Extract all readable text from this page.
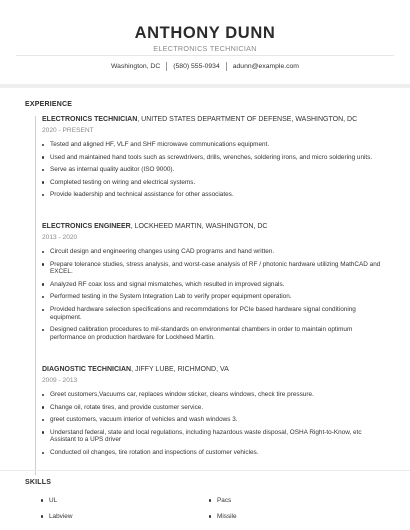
ANTHONY DUNN
ELECTRONICS TECHNICIAN
Washington, DC (580) 555-0934 adunn@example.com
EXPERIENCE
ELECTRONICS TECHNICIAN, UNITED STATES DEPARTMENT OF DEFENSE, WASHINGTON, DC
2020 - PRESENT
Tested and aligned HF, VLF and SHF microwave communications equipment.
Used and maintained hand tools such as screwdrivers, drills, wrenches, soldering irons, and micro soldering units.
Serve as internal quality auditor (ISO 9000).
Completed testing on wiring and electrical systems.
Provide leadership and technical assistance for other associates.
ELECTRONICS ENGINEER, LOCKHEED MARTIN, WASHINGTON, DC
2013 - 2020
Circuit design and engineering changes using CAD programs and hand written.
Prepare tolerance studies, stress analysis, and worst-case analysis of RF / photonic hardware utilizing MathCAD and EXCEL.
Analyzed RF coax loss and signal mismatches, which resulted in improved signals.
Performed testing in the System Integration Lab to verify proper equipment operation.
Provided hardware selection specifications and recommdations for PCIe based hardware signal conditioning equipment.
Designed calibration procedures to mil-standards on environmental chambers in order to maintain optimum performance on production hardware for Lockheed Martin.
DIAGNOSTIC TECHNICIAN, JIFFY LUBE, RICHMOND, VA
2009 - 2013
Greet customers,Vacuums car, replaces window sticker, cleans windows, check tire pressure.
Change oil, rotate tires, and provide customer service.
greet customers, vacuum interior of vehicles and wash windows 3.
Understand federal, state and local regulations, including hazardous waste disposal, OSHA Right-to-Know, etc Assistant to a UPS driver
Conducted oil changes, tire rotation and inspections of customer vehicles.
SKILLS
UL	Pacs
Labview	Missile
